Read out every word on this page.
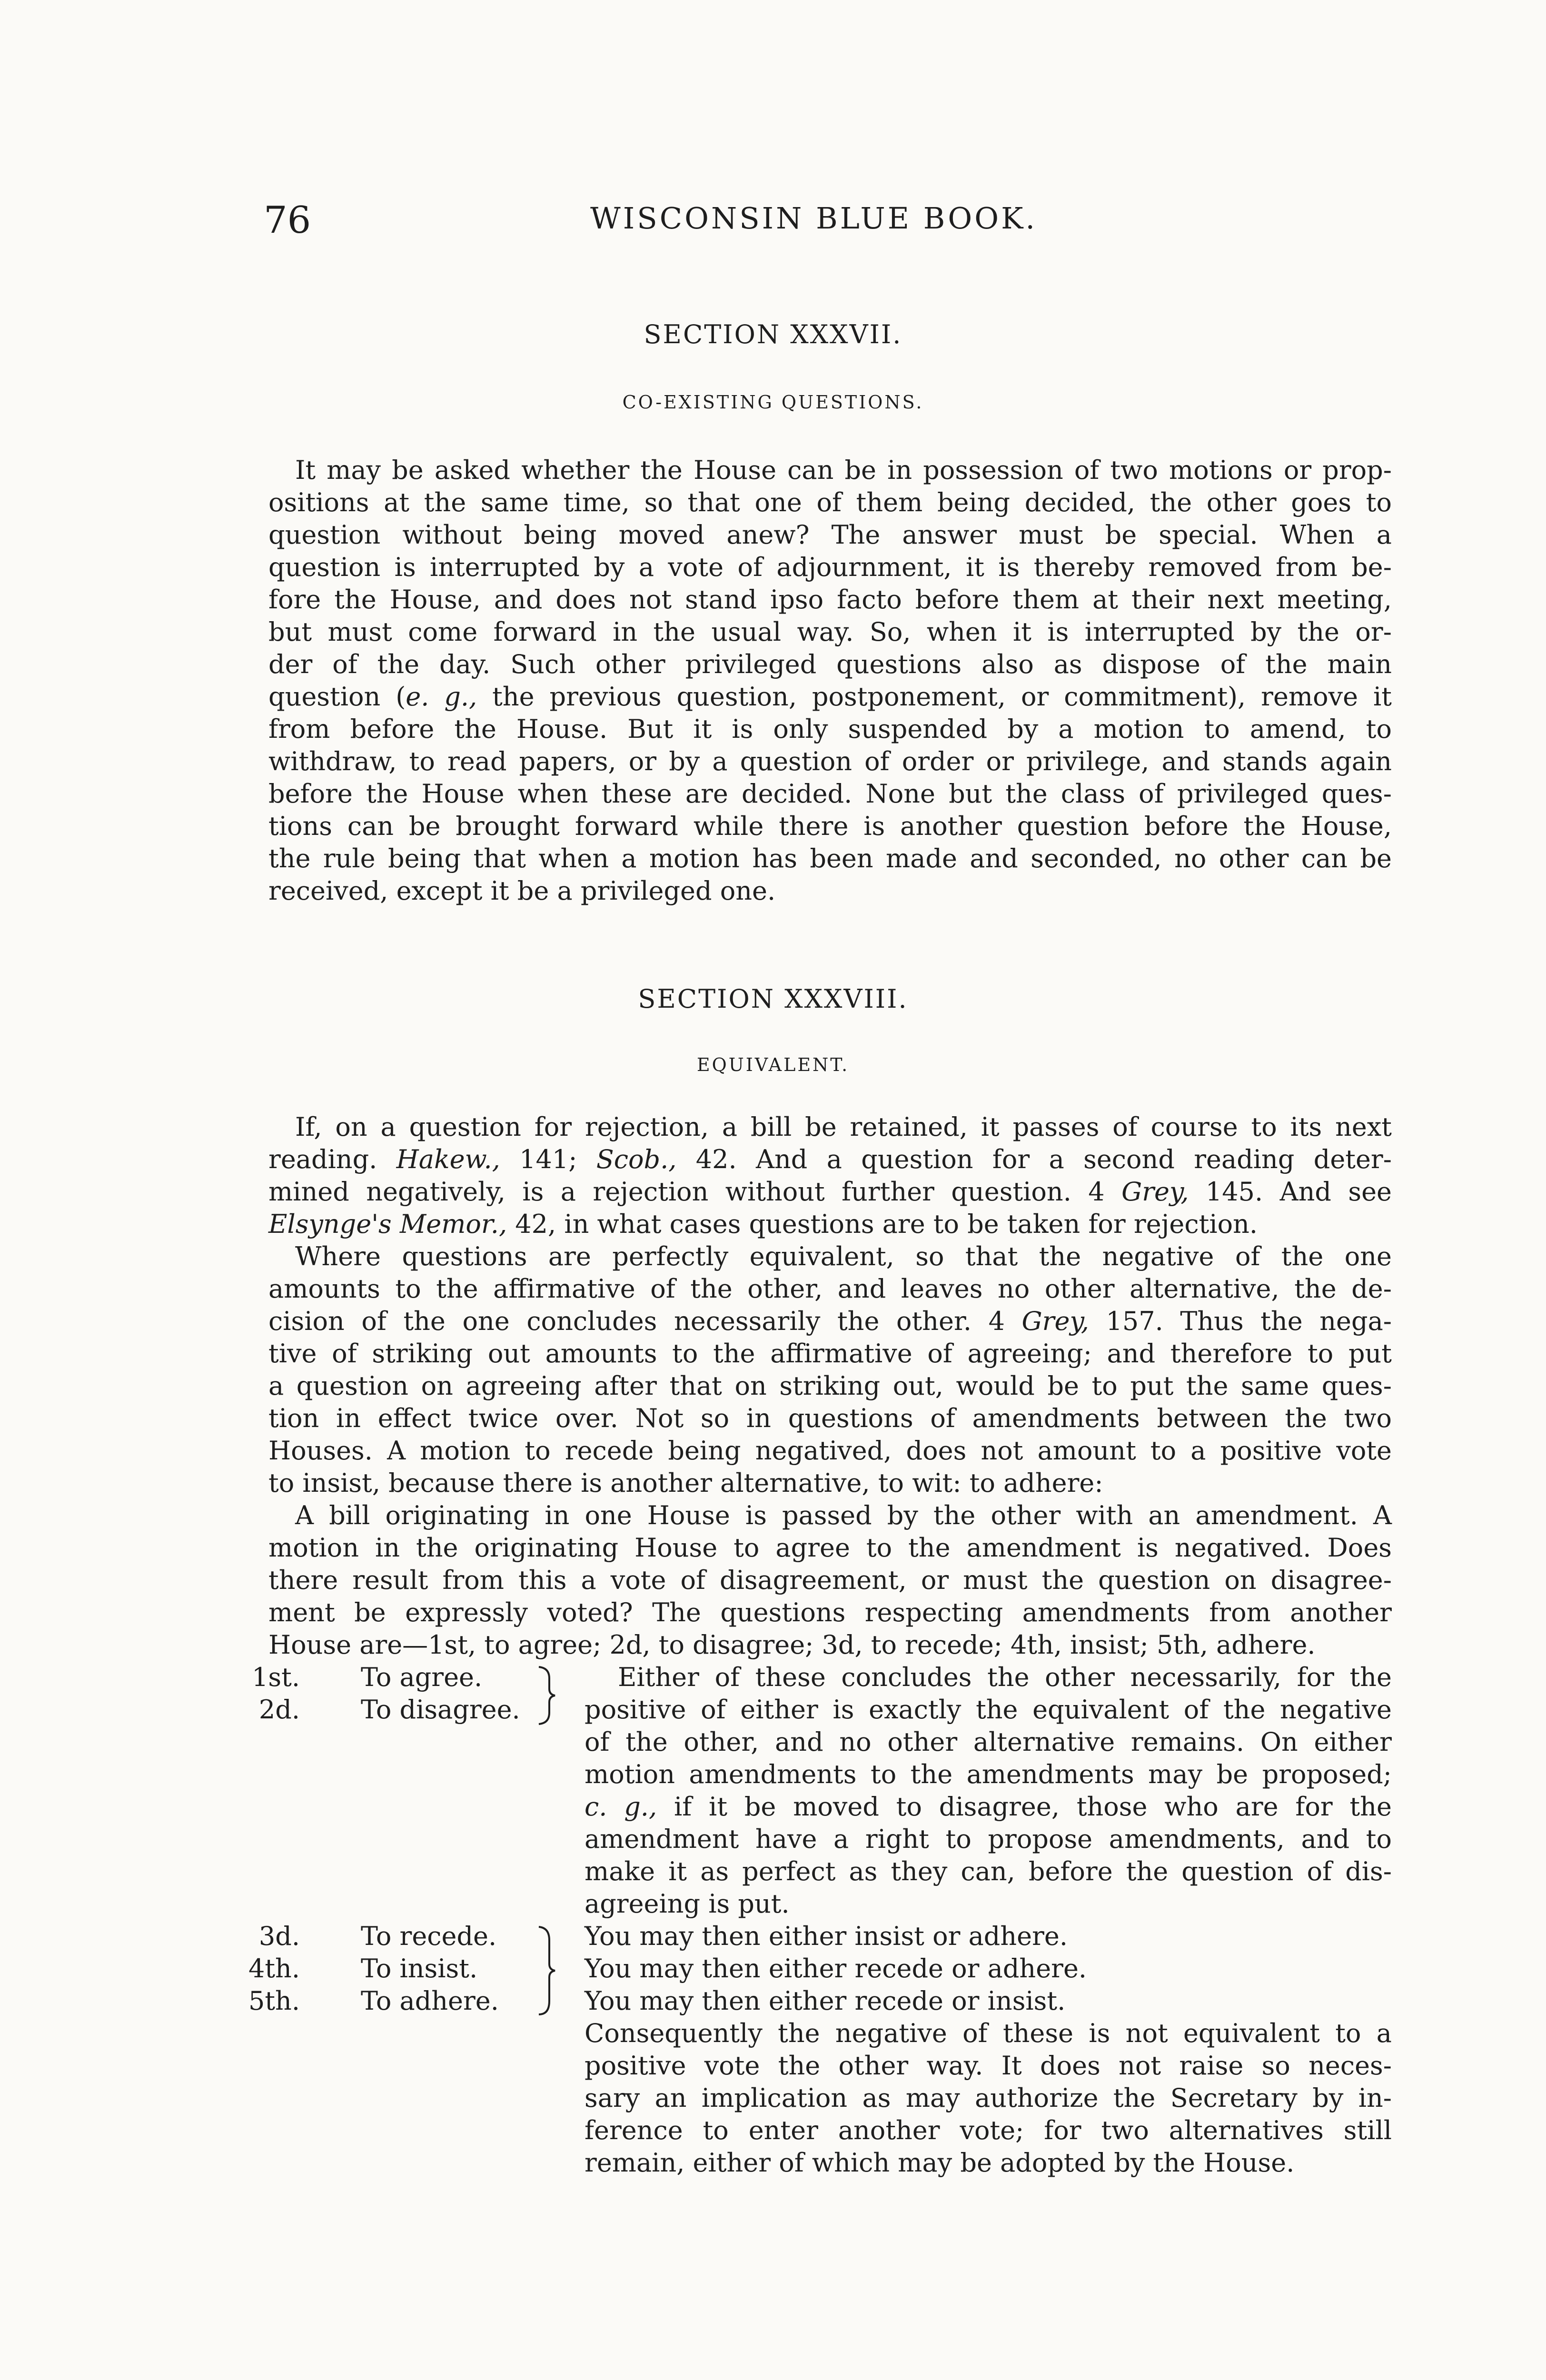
76	WISCONSIN BLUE BOOK.
SECTION XXXVII.
CO-EXISTING QUESTIONS.
It may be asked whether the House can be in possession of two motions or prop-
ositions at the same time, so that one of them being decided, the other goes to
question without being moved anew? The answer must be special. When a
question is interrupted by a vote of adjournment, it is thereby removed from be-
fore the House, and does not stand ipso facto before them at their next meeting,
but must come forward in the usual way. So, when it is interrupted by the or-
der of the day. Such other privileged questions also as dispose of the main
question (e. g., the previous question, postponement, or commitment), remove it
from before the House. But it is only suspended by a motion to amend, to
withdraw, to read papers, or by a question of order or privilege, and stands again
before the House when these are decided. None but the class of privileged ques-
tions can be brought forward while there is another question before the House,
the rule being that when a motion has been made and seconded, no other can be
received, except it be a privileged one.
SECTION XXXVIII.
EQUIVALENT.
If, on a question for rejection, a bill be retained, it passes of course to its next
reading. Hakew., 141; Scob., 42. And a question for a second reading deter-
mined negatively, is a rejection without further question. 4 Grey, 145. And see
Elsynge's Memor., 42, in what cases questions are to be taken for rejection.
Where questions are perfectly equivalent, so that the negative of the one
amounts to the affirmative of the other, and leaves no other alternative, the de-
cision of the one concludes necessarily the other. 4 Grey, 157. Thus the nega-
tive of striking out amounts to the affirmative of agreeing; and therefore to put
a question on agreeing after that on striking out, would be to put the same ques-
tion in effect twice over. Not so in questions of amendments between the two
Houses. A motion to recede being negatived, does not amount to a positive vote
to insist, because there is another alternative, to wit: to adhere:
A bill originating in one House is passed by the other with an amendment. A
motion in the originating House to agree to the amendment is negatived. Does
there result from this a vote of disagreement, or must the question on disagree-
ment be expressly voted? The questions respecting amendments from another
House are—1st, to agree; 2d, to disagree; 3d, to recede; 4th, insist; 5th, adhere.
1st. To agree.
2d. To disagree.
Either of these concludes the other necessarily, for the
positive of either is exactly the equivalent of the negative
of the other, and no other alternative remains. On either
motion amendments to the amendments may be proposed;
c. g., if it be moved to disagree, those who are for the
amendment have a right to propose amendments, and to
make it as perfect as they can, before the question of dis-
agreeing is put.
3d. To recede.	You may then either insist or adhere.
4th. To insist.	You may then either recede or adhere.
5th. To adhere.	You may then either recede or insist.
Consequently the negative of these is not equivalent to a
positive vote the other way. It does not raise so neces-
sary an implication as may authorize the Secretary by in-
ference to enter another vote; for two alternatives still
remain, either of which may be adopted by the House.
